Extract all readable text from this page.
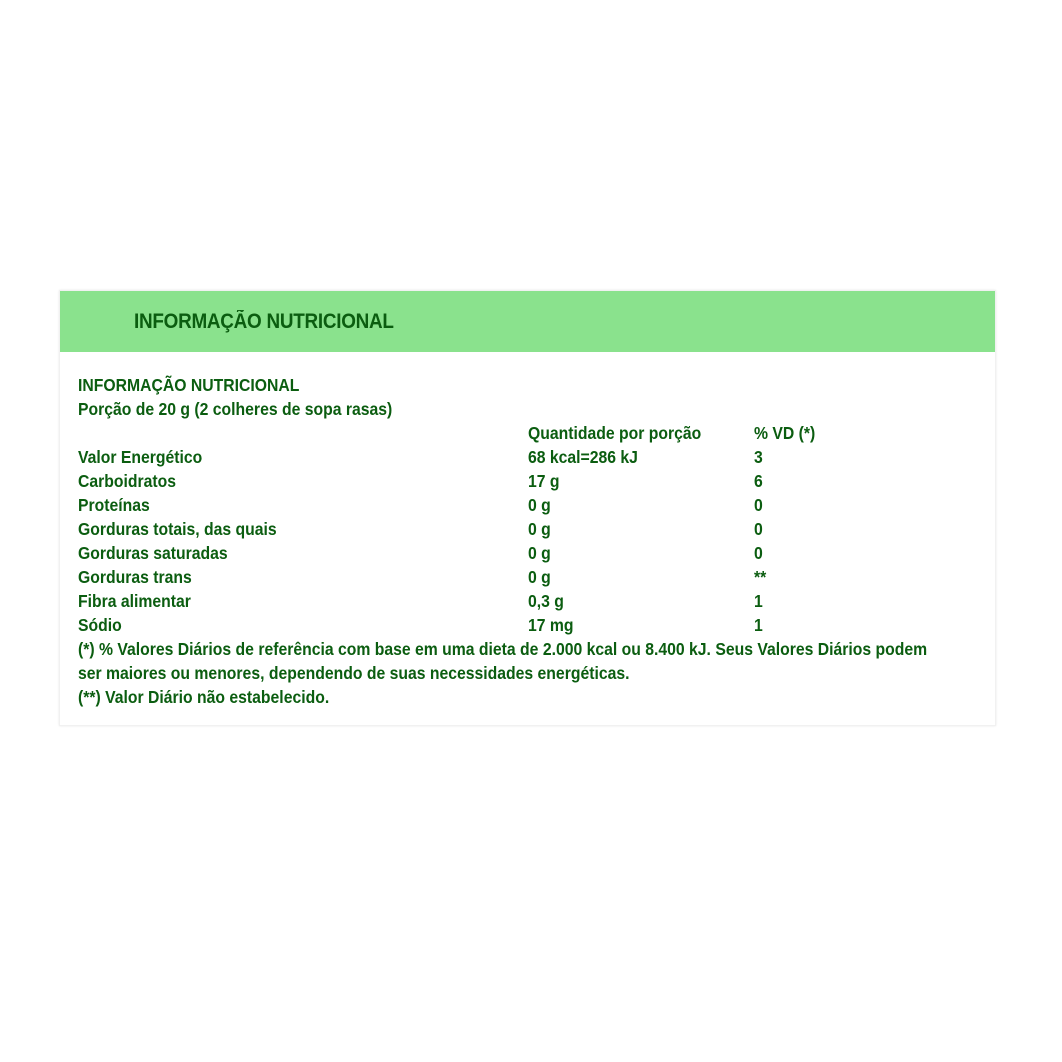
INFORMAÇÃO NUTRICIONAL
INFORMAÇÃO NUTRICIONAL
Porção de 20 g (2 colheres de sopa rasas)
	Quantidade por porção	% VD (*)
Valor Energético	68 kcal=286 kJ	3
Carboidratos	17 g	6
Proteínas	0 g	0
Gorduras totais, das quais	0 g	0
Gorduras saturadas	0 g	0
Gorduras trans	0 g	**
Fibra alimentar	0,3 g	1
Sódio	17 mg	1
(*) % Valores Diários de referência com base em uma dieta de 2.000 kcal ou 8.400 kJ. Seus Valores Diários podem
ser maiores ou menores, dependendo de suas necessidades energéticas.
(**) Valor Diário não estabelecido.
